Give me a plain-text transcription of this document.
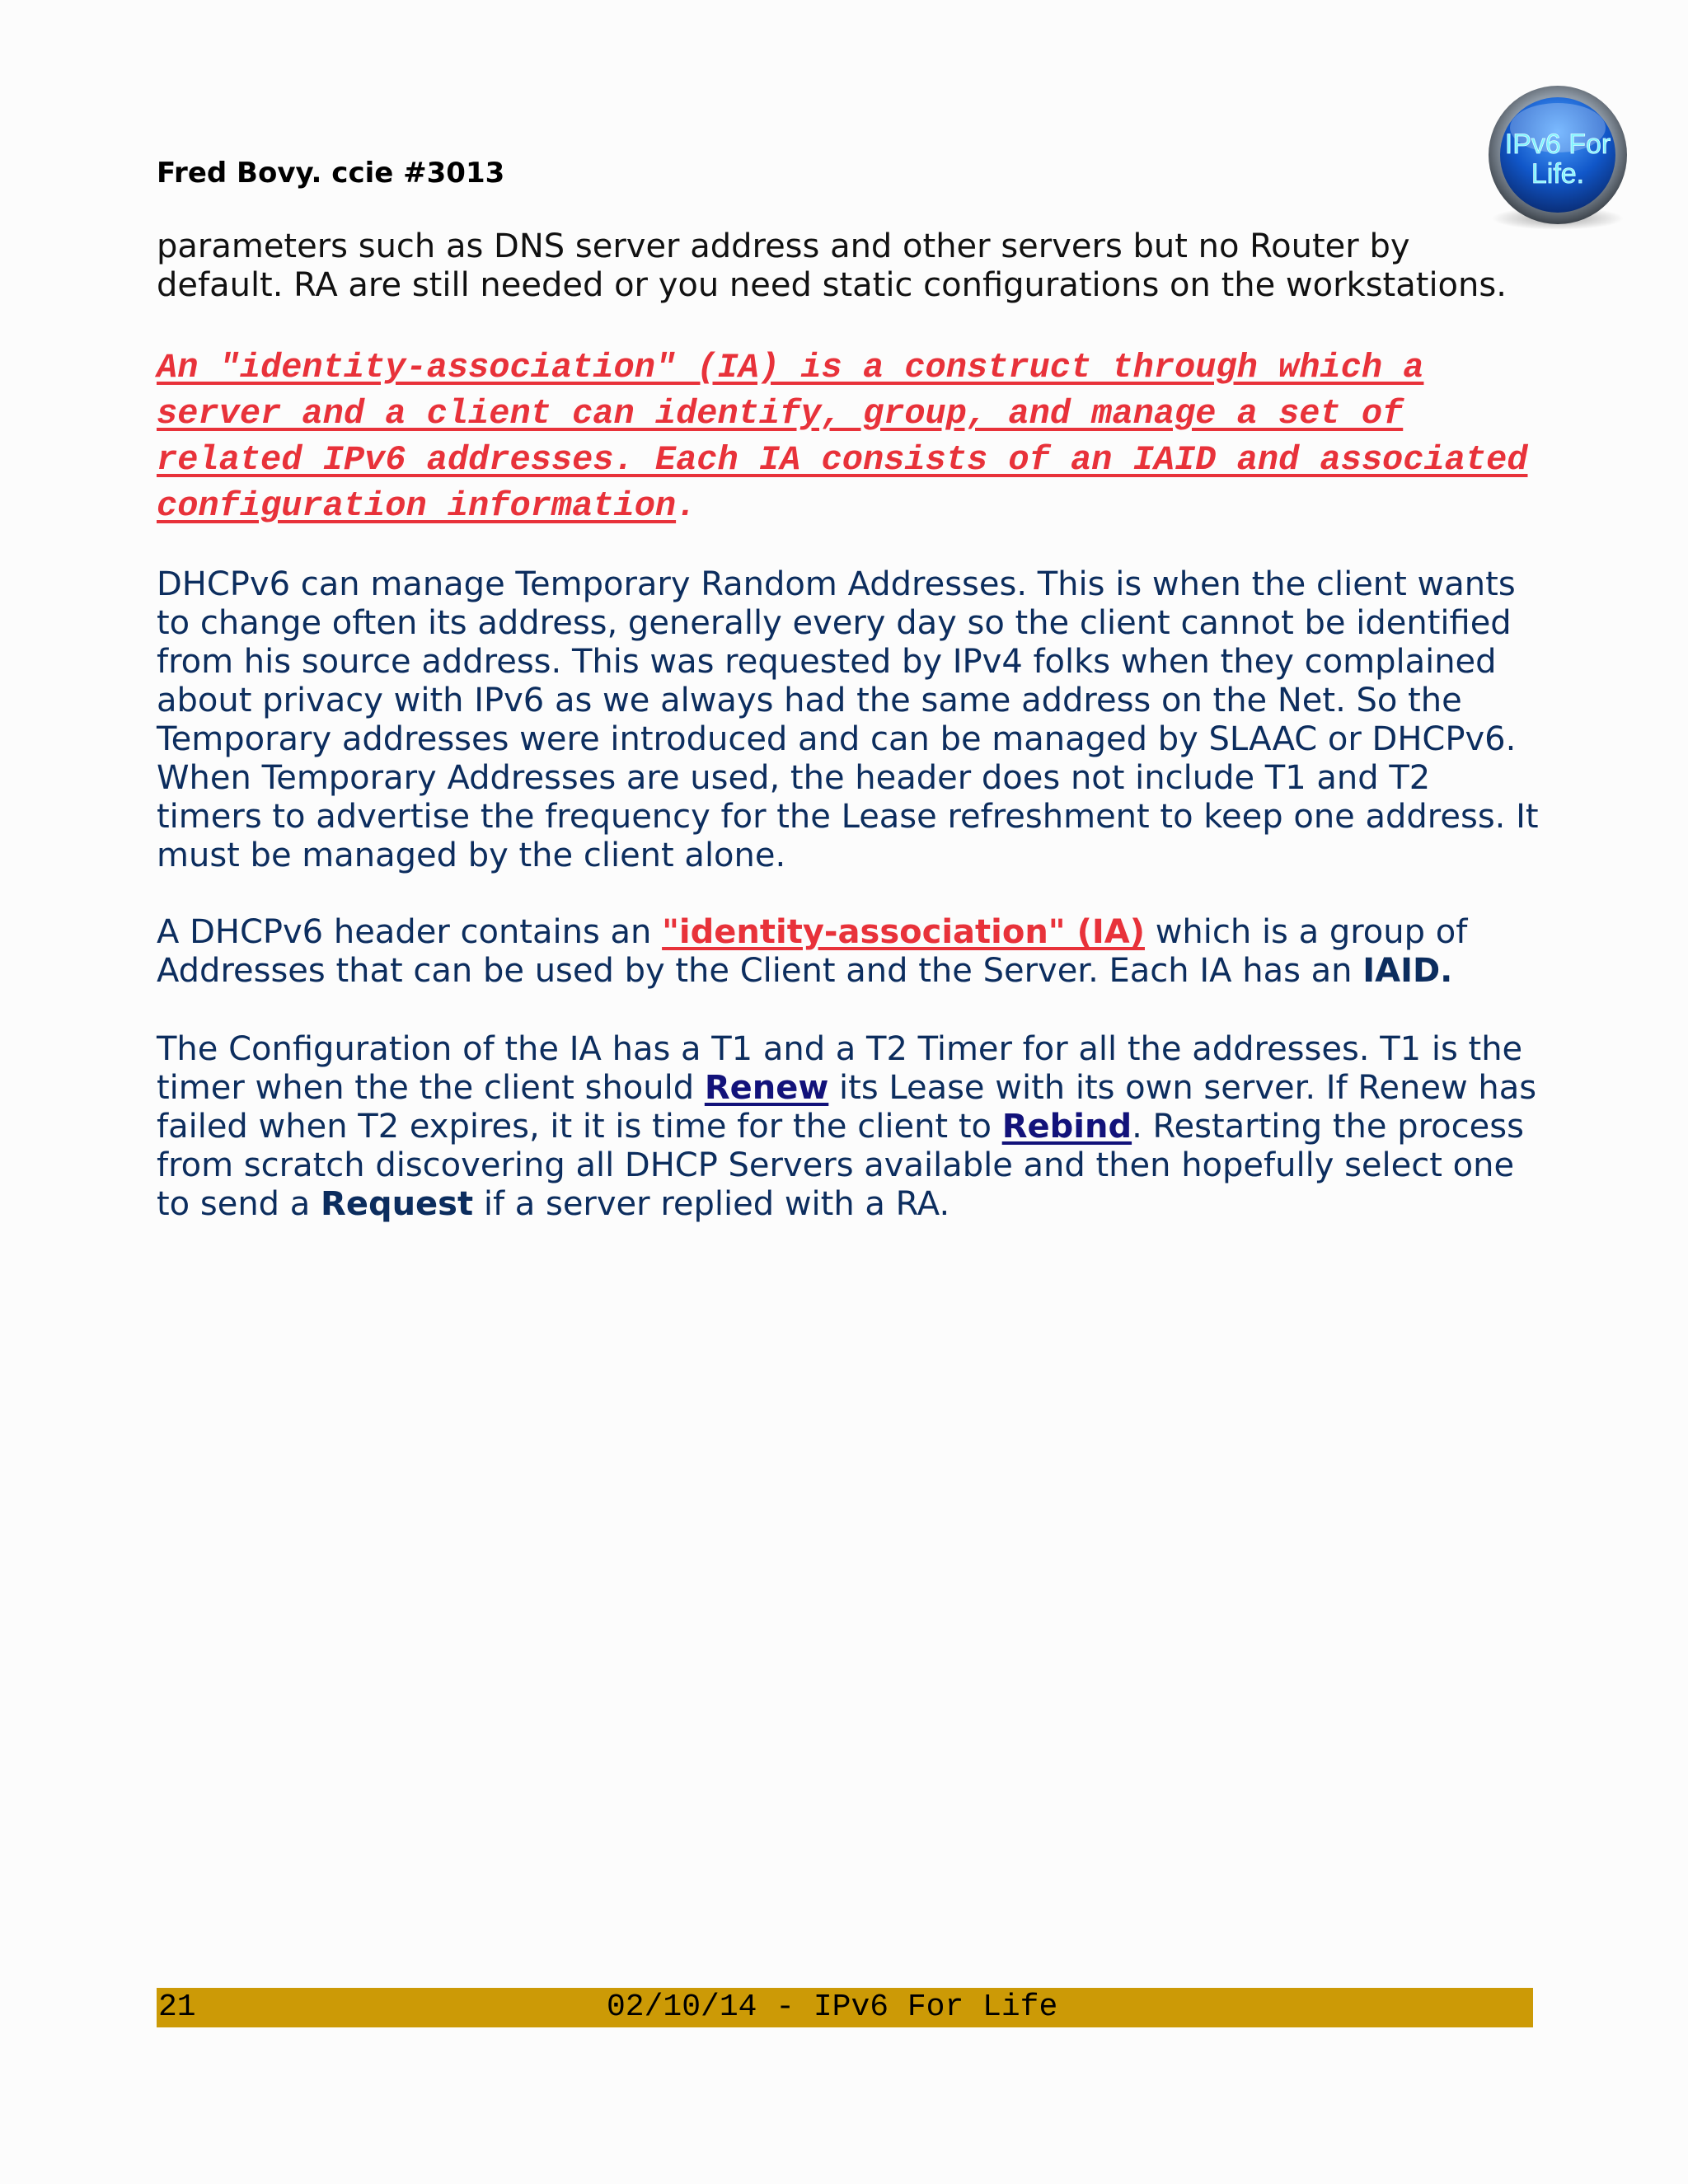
Fred Bovy. ccie #3013
IPv6 For
Life.

parameters such as DNS server address and other servers but no Router by default. RA are still needed or you need static configurations on the workstations.

An "identity-association" (IA) is a construct through which a server and a client can identify, group, and manage a set of related IPv6 addresses. Each IA consists of an IAID and associated configuration information.

DHCPv6 can manage Temporary Random Addresses. This is when the client wants to change often its address, generally every day so the client cannot be identified from his source address. This was requested by IPv4 folks when they complained about privacy with IPv6 as we always had the same address on the Net. So the Temporary addresses were introduced and can be managed by SLAAC or DHCPv6. When Temporary Addresses are used, the header does not include T1 and T2 timers to advertise the frequency for the Lease refreshment to keep one address. It must be managed by the client alone.

A DHCPv6 header contains an "identity-association" (IA) which is a group of Addresses that can be used by the Client and the Server. Each IA has an IAID.

The Configuration of the IA has a T1 and a T2 Timer for all the addresses. T1 is the timer when the the client should Renew its Lease with its own server. If Renew has failed when T2 expires, it it is time for the client to Rebind. Restarting the process from scratch discovering all DHCP Servers available and then hopefully select one to send a Request if a server replied with a RA.

21	02/10/14 - IPv6 For Life
